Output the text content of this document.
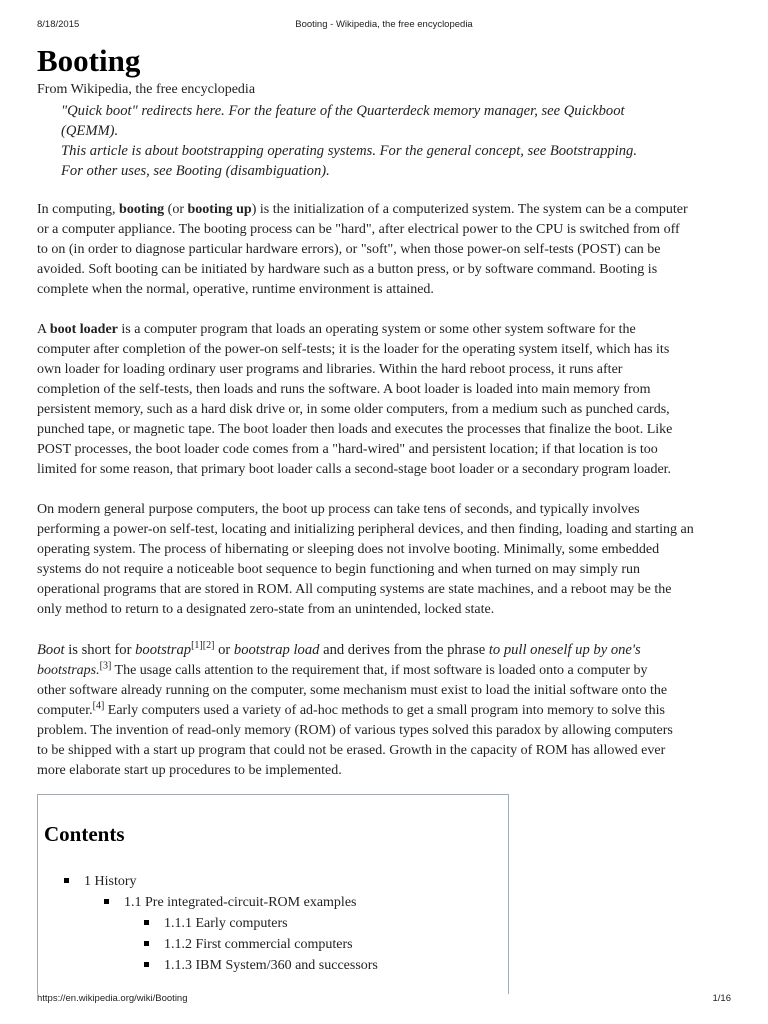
8/18/2015	Booting - Wikipedia, the free encyclopedia
Booting

From Wikipedia, the free encyclopedia

"Quick boot" redirects here. For the feature of the Quarterdeck memory manager, see Quickboot

(QEMM).

This article is about bootstrapping operating systems. For the general concept, see Bootstrapping.

For other uses, see Booting (disambiguation).

In computing, booting (or booting up) is the initialization of a computerized system. The system can be a computer
or a computer appliance. The booting process can be "hard", after electrical power to the CPU is switched from off
to on (in order to diagnose particular hardware errors), or "soft", when those power-on self-tests (POST) can be
avoided. Soft booting can be initiated by hardware such as a button press, or by software command. Booting is
complete when the normal, operative, runtime environment is attained.

A boot loader is a computer program that loads an operating system or some other system software for the
computer after completion of the power-on self-tests; it is the loader for the operating system itself, which has its
own loader for loading ordinary user programs and libraries. Within the hard reboot process, it runs after
completion of the self-tests, then loads and runs the software. A boot loader is loaded into main memory from
persistent memory, such as a hard disk drive or, in some older computers, from a medium such as punched cards,
punched tape, or magnetic tape. The boot loader then loads and executes the processes that finalize the boot. Like
POST processes, the boot loader code comes from a "hard-wired" and persistent location; if that location is too
limited for some reason, that primary boot loader calls a second-stage boot loader or a secondary program loader.

On modern general purpose computers, the boot up process can take tens of seconds, and typically involves
performing a power-on self-test, locating and initializing peripheral devices, and then finding, loading and starting an
operating system. The process of hibernating or sleeping does not involve booting. Minimally, some embedded
systems do not require a noticeable boot sequence to begin functioning and when turned on may simply run
operational programs that are stored in ROM. All computing systems are state machines, and a reboot may be the
only method to return to a designated zero-state from an unintended, locked state.

Boot is short for bootstrap[1][2] or bootstrap load and derives from the phrase to pull oneself up by one's
bootstraps.[3] The usage calls attention to the requirement that, if most software is loaded onto a computer by
other software already running on the computer, some mechanism must exist to load the initial software onto the
computer.[4] Early computers used a variety of ad-hoc methods to get a small program into memory to solve this
problem. The invention of read-only memory (ROM) of various types solved this paradox by allowing computers
to be shipped with a start up program that could not be erased. Growth in the capacity of ROM has allowed ever
more elaborate start up procedures to be implemented.

Contents
1 History
1.1 Pre integrated-circuit-ROM examples
1.1.1 Early computers
1.1.2 First commercial computers
1.1.3 IBM System/360 and successors
https://en.wikipedia.org/wiki/Booting	1/16
